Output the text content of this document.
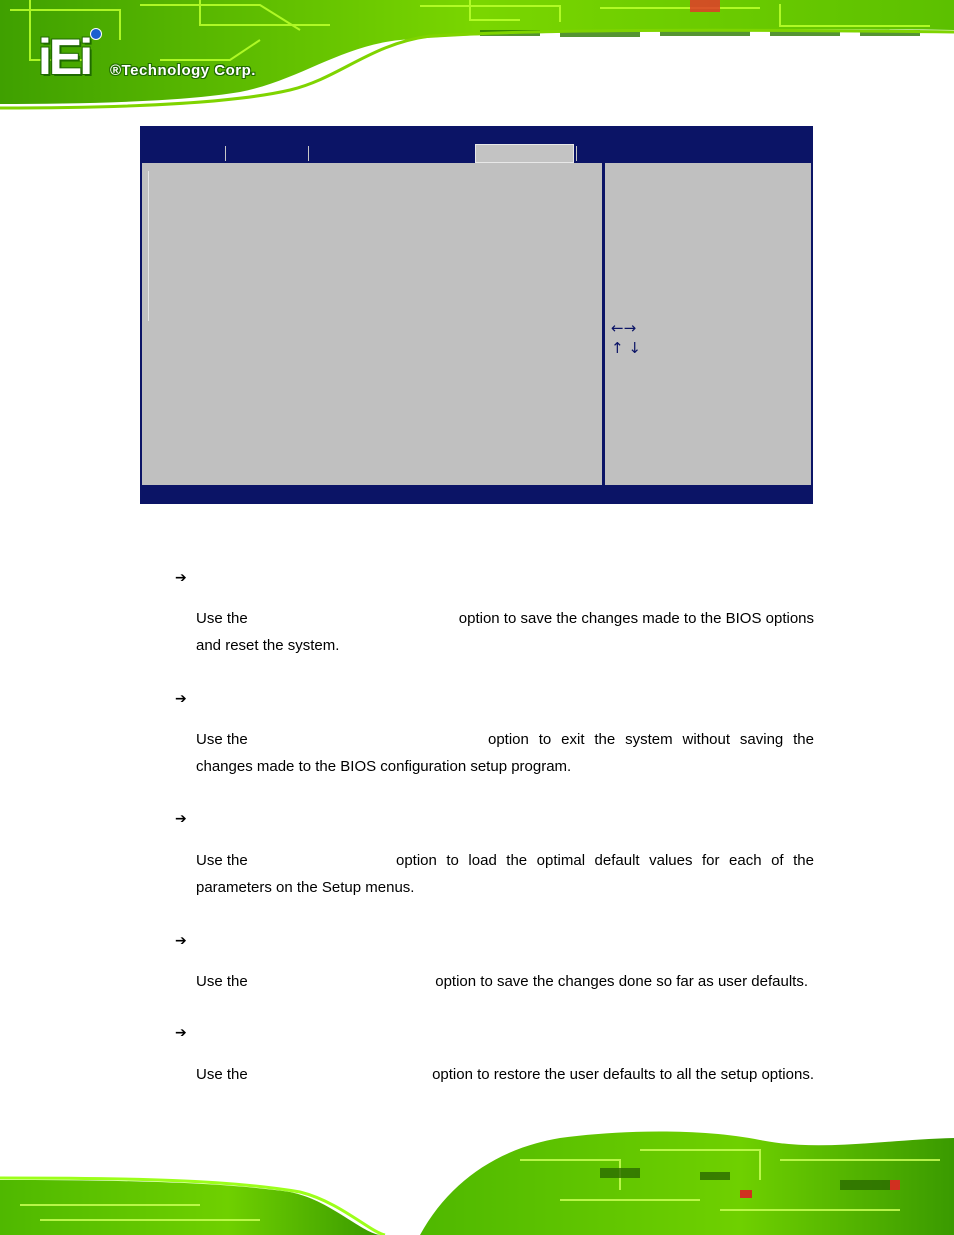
iEi ®Technology Corp.
←→
↑ ↓
➔
Use the	option to save the changes made to the BIOS options
and reset the system.
➔
Use the	option to exit the system without saving the
changes made to the BIOS configuration setup program.
➔
Use the	option to load the optimal default values for each of the
parameters on the Setup menus.
➔
Use the	option to save the changes done so far as user defaults.
➔
Use the	option to restore the user defaults to all the setup options.
